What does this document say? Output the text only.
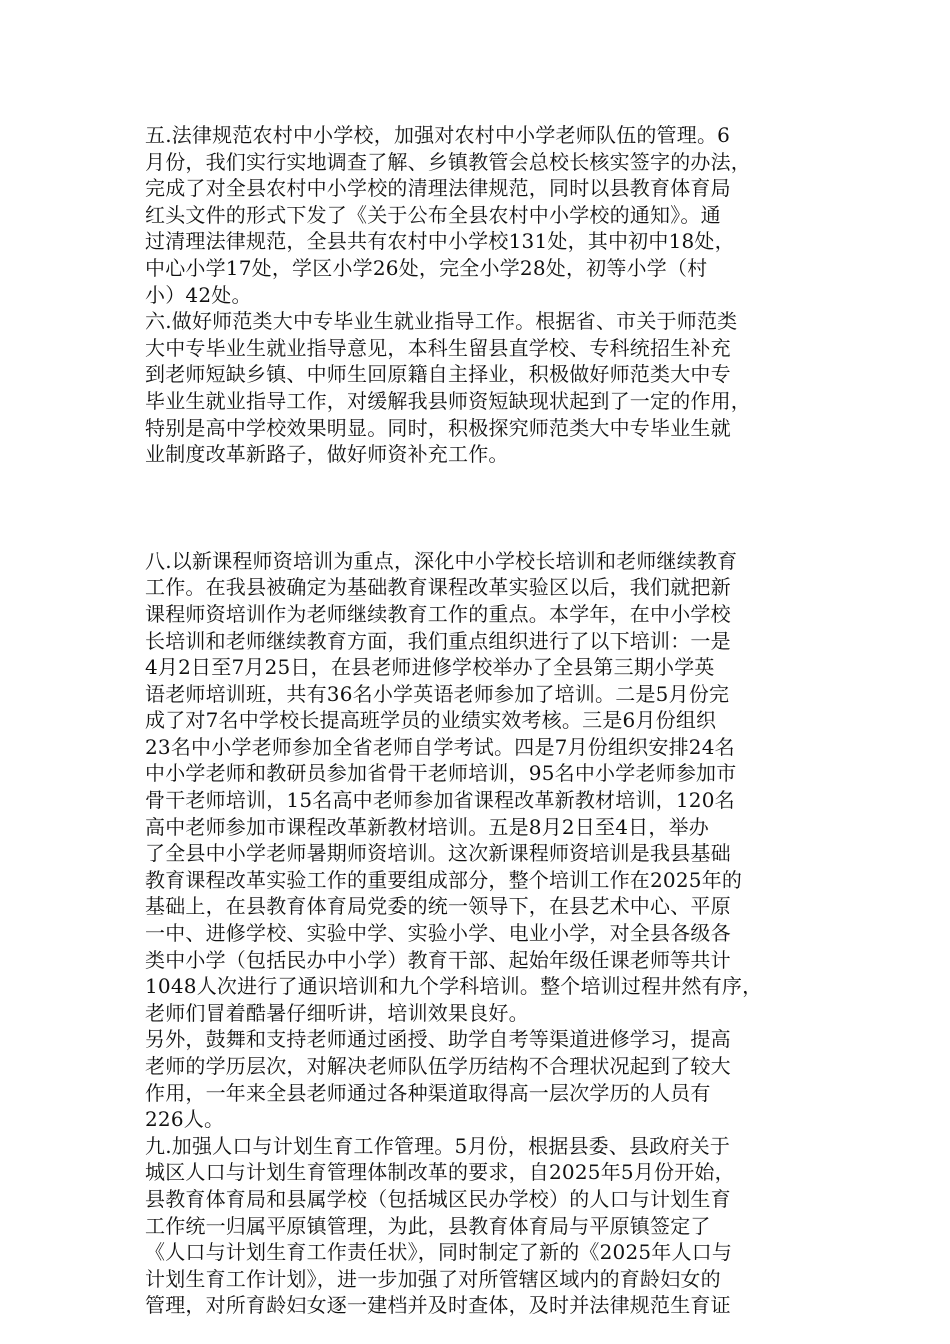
五.法律规范农村中小学校，加强对农村中小学老师队伍的管理。6
月份，我们实行实地调查了解、乡镇教管会总校长核实签字的办法，
完成了对全县农村中小学校的清理法律规范，同时以县教育体育局
红头文件的形式下发了《关于公布全县农村中小学校的通知》。通
过清理法律规范，全县共有农村中小学校131处，其中初中18处，
中心小学17处，学区小学26处，完全小学28处，初等小学（村
小）42处。
六.做好师范类大中专毕业生就业指导工作。根据省、市关于师范类
大中专毕业生就业指导意见，本科生留县直学校、专科统招生补充
到老师短缺乡镇、中师生回原籍自主择业，积极做好师范类大中专
毕业生就业指导工作，对缓解我县师资短缺现状起到了一定的作用，
特别是高中学校效果明显。同时，积极探究师范类大中专毕业生就
业制度改革新路子，做好师资补充工作。
八.以新课程师资培训为重点，深化中小学校长培训和老师继续教育
工作。在我县被确定为基础教育课程改革实验区以后，我们就把新
课程师资培训作为老师继续教育工作的重点。本学年，在中小学校
长培训和老师继续教育方面，我们重点组织进行了以下培训：一是
4月2日至7月25日，在县老师进修学校举办了全县第三期小学英
语老师培训班，共有36名小学英语老师参加了培训。二是5月份完
成了对7名中学校长提高班学员的业绩实效考核。三是6月份组织
23名中小学老师参加全省老师自学考试。四是7月份组织安排24名
中小学老师和教研员参加省骨干老师培训，95名中小学老师参加市
骨干老师培训，15名高中老师参加省课程改革新教材培训，120名
高中老师参加市课程改革新教材培训。五是8月2日至4日，举办
了全县中小学老师暑期师资培训。这次新课程师资培训是我县基础
教育课程改革实验工作的重要组成部分，整个培训工作在2025年的
基础上，在县教育体育局党委的统一领导下，在县艺术中心、平原
一中、进修学校、实验中学、实验小学、电业小学，对全县各级各
类中小学（包括民办中小学）教育干部、起始年级任课老师等共计
1048人次进行了通识培训和九个学科培训。整个培训过程井然有序，
老师们冒着酷暑仔细听讲，培训效果良好。
另外，鼓舞和支持老师通过函授、助学自考等渠道进修学习，提高
老师的学历层次，对解决老师队伍学历结构不合理状况起到了较大
作用，一年来全县老师通过各种渠道取得高一层次学历的人员有
226人。
九.加强人口与计划生育工作管理。5月份，根据县委、县政府关于
城区人口与计划生育管理体制改革的要求，自2025年5月份开始，
县教育体育局和县属学校（包括城区民办学校）的人口与计划生育
工作统一归属平原镇管理，为此，县教育体育局与平原镇签定了
《人口与计划生育工作责任状》，同时制定了新的《2025年人口与
计划生育工作计划》，进一步加强了对所管辖区域内的育龄妇女的
管理，对所育龄妇女逐一建档并及时查体，及时并法律规范生育证
